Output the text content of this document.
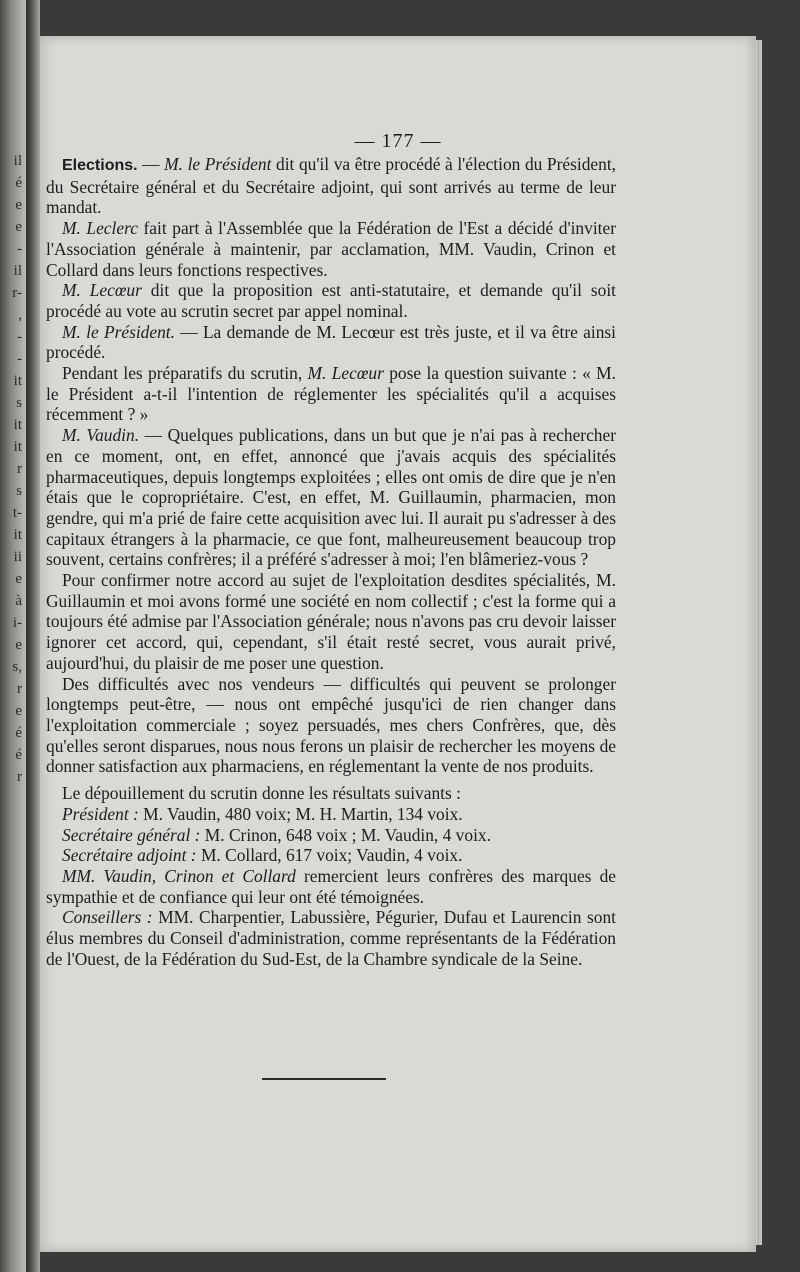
il
é
e
e
-
il
r-
,
-
-
it
s
it
it
r
s
t-
it
ii
e
à
i-
e
s,
r
e
é
é
r
— 177 —

Elections. — M. le Président dit qu'il va être procédé à l'élection du Président, du Secrétaire général et du Secrétaire adjoint, qui sont arrivés au terme de leur mandat.

M. Leclerc fait part à l'Assemblée que la Fédération de l'Est a décidé d'inviter l'Association générale à maintenir, par acclamation, MM. Vaudin, Crinon et Collard dans leurs fonctions respectives.

M. Lecœur dit que la proposition est anti-statutaire, et demande qu'il soit procédé au vote au scrutin secret par appel nominal.

M. le Président. — La demande de M. Lecœur est très juste, et il va être ainsi procédé.

Pendant les préparatifs du scrutin, M. Lecœur pose la question suivante : « M. le Président a-t-il l'intention de réglementer les spécialités qu'il a acquises récemment ? »

M. Vaudin. — Quelques publications, dans un but que je n'ai pas à rechercher en ce moment, ont, en effet, annoncé que j'avais acquis des spécialités pharmaceutiques, depuis longtemps exploitées ; elles ont omis de dire que je n'en étais que le copropriétaire. C'est, en effet, M. Guillaumin, pharmacien, mon gendre, qui m'a prié de faire cette acquisition avec lui. Il aurait pu s'adresser à des capitaux étrangers à la pharmacie, ce que font, malheureusement beaucoup trop souvent, certains confrères; il a préféré s'adresser à moi; l'en blâmeriez-vous ?

Pour confirmer notre accord au sujet de l'exploitation desdites spécialités, M. Guillaumin et moi avons formé une société en nom collectif ; c'est la forme qui a toujours été admise par l'Association générale; nous n'avons pas cru devoir laisser ignorer cet accord, qui, cependant, s'il était resté secret, vous aurait privé, aujourd'hui, du plaisir de me poser une question.

Des difficultés avec nos vendeurs — difficultés qui peuvent se prolonger longtemps peut-être, — nous ont empêché jusqu'ici de rien changer dans l'exploitation commerciale ; soyez persuadés, mes chers Confrères, que, dès qu'elles seront disparues, nous nous ferons un plaisir de rechercher les moyens de donner satisfaction aux pharmaciens, en réglementant la vente de nos produits.

Le dépouillement du scrutin donne les résultats suivants :

Président : M. Vaudin, 480 voix; M. H. Martin, 134 voix.

Secrétaire général : M. Crinon, 648 voix ; M. Vaudin, 4 voix.

Secrétaire adjoint : M. Collard, 617 voix; Vaudin, 4 voix.

MM. Vaudin, Crinon et Collard remercient leurs confrères des marques de sympathie et de confiance qui leur ont été témoignées.

Conseillers : MM. Charpentier, Labussière, Pégurier, Dufau et Laurencin sont élus membres du Conseil d'administration, comme représentants de la Fédération de l'Ouest, de la Fédération du Sud-Est, de la Chambre syndicale de la Seine.
